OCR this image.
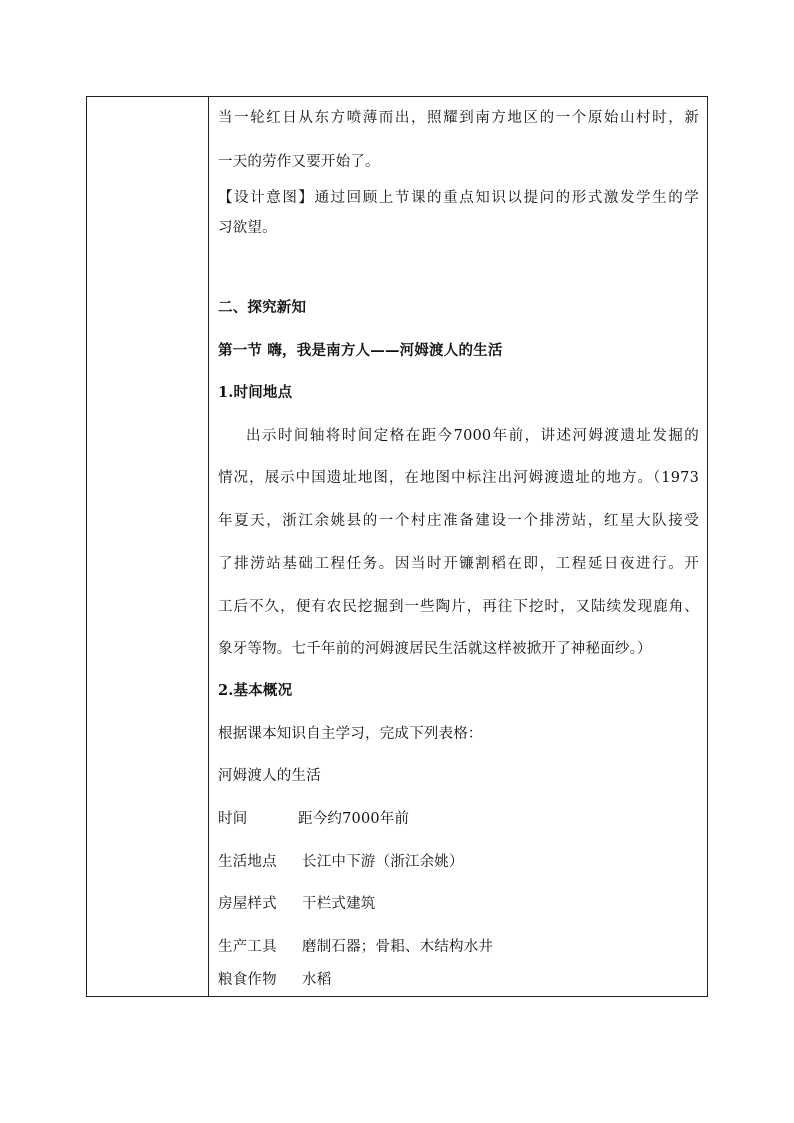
当一轮红日从东方喷薄而出，照耀到南方地区的一个原始山村时，新
一天的劳作又要开始了。
【设计意图】通过回顾上节课的重点知识以提问的形式激发学生的学
习欲望。
二、探究新知
第一节 嗨，我是南方人——河姆渡人的生活
1.时间地点
出示时间轴将时间定格在距今7000年前，讲述河姆渡遗址发掘的
情况，展示中国遗址地图，在地图中标注出河姆渡遗址的地方。（1973
年夏天，浙江余姚县的一个村庄准备建设一个排涝站，红星大队接受
了排涝站基础工程任务。因当时开镰割稻在即，工程延日夜进行。开
工后不久，便有农民挖掘到一些陶片，再往下挖时，又陆续发现鹿角、
象牙等物。七千年前的河姆渡居民生活就这样被掀开了神秘面纱。）
2.基本概况
根据课本知识自主学习，完成下列表格：
河姆渡人的生活
时间	距今约7000年前
生活地点 长江中下游（浙江余姚）
房屋样式 干栏式建筑
生产工具 磨制石器；骨耜、木结构水井
粮食作物 水稻
